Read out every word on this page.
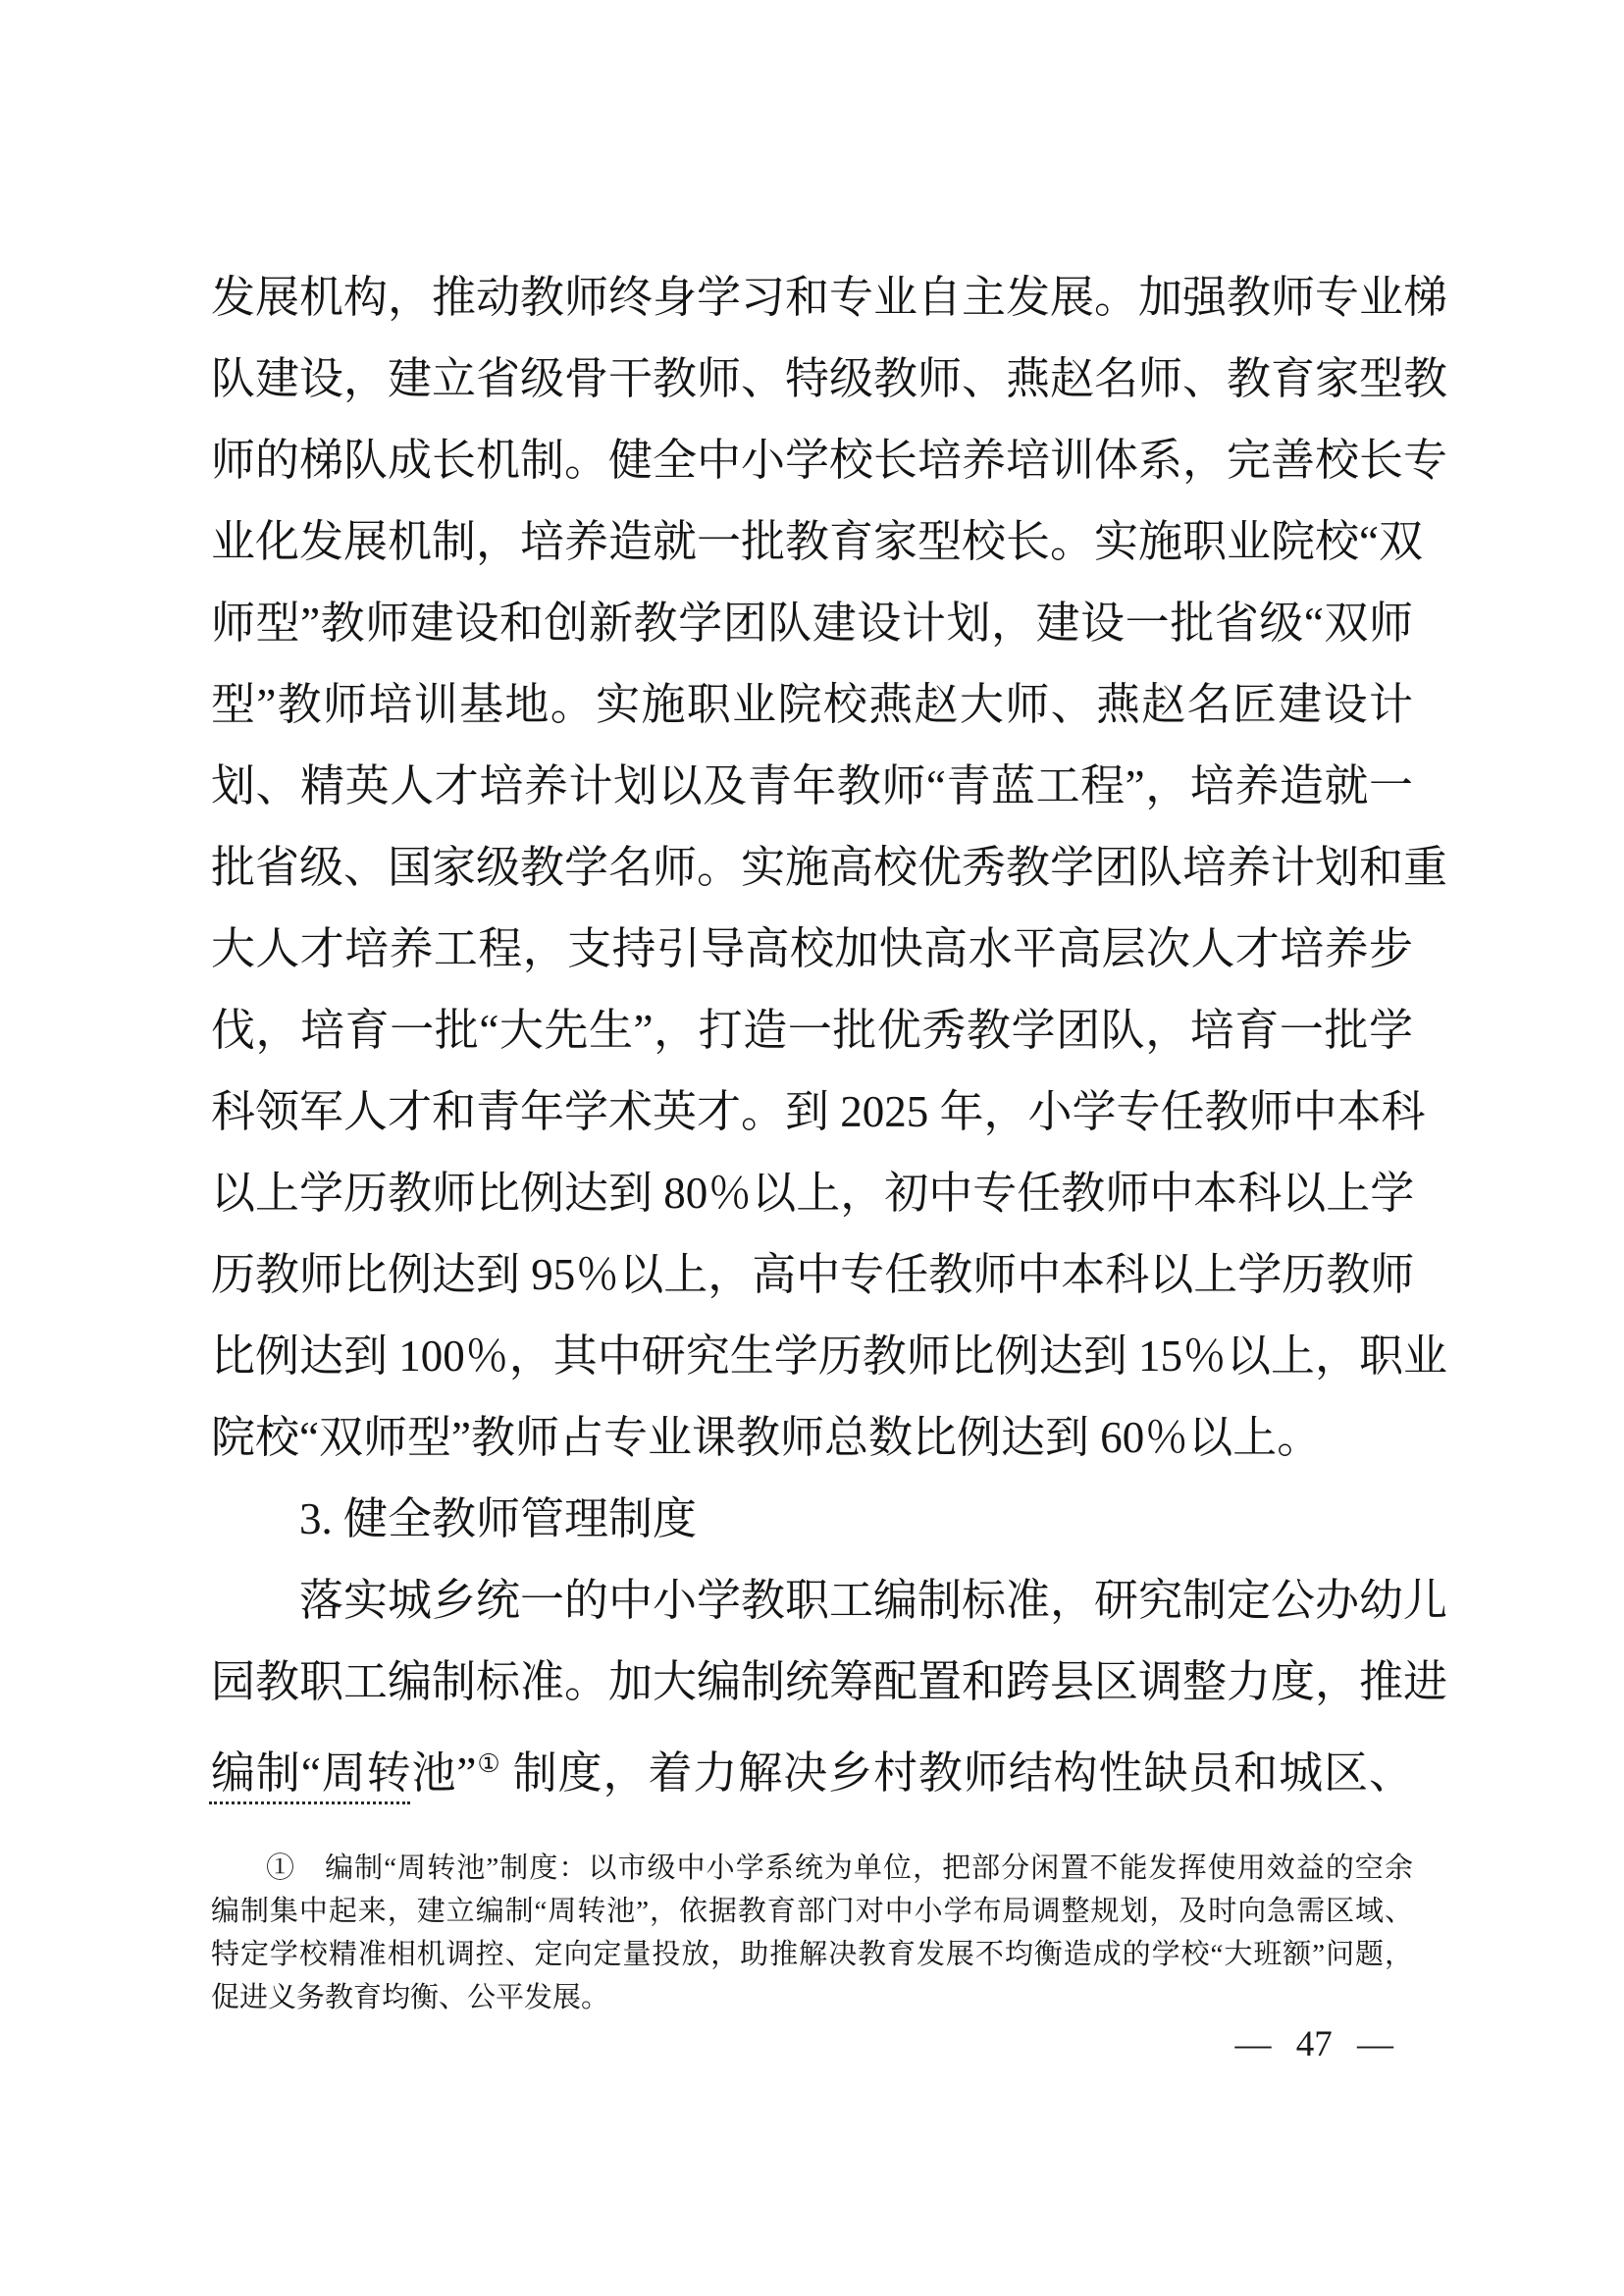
发展机构，推动教师终身学习和专业自主发展。加强教师专业梯
队建设，建立省级骨干教师、特级教师、燕赵名师、教育家型教
师的梯队成长机制。健全中小学校长培养培训体系，完善校长专
业化发展机制，培养造就一批教育家型校长。实施职业院校“双
师型”教师建设和创新教学团队建设计划，建设一批省级“双师
型”教师培训基地。实施职业院校燕赵大师、燕赵名匠建设计
划、精英人才培养计划以及青年教师“青蓝工程”，培养造就一
批省级、国家级教学名师。实施高校优秀教学团队培养计划和重
大人才培养工程，支持引导高校加快高水平高层次人才培养步
伐，培育一批“大先生”，打造一批优秀教学团队，培育一批学
科领军人才和青年学术英才。到 2025 年，小学专任教师中本科
以上学历教师比例达到 80％以上，初中专任教师中本科以上学
历教师比例达到 95％以上，高中专任教师中本科以上学历教师
比例达到 100％，其中研究生学历教师比例达到 15％以上，职业
院校“双师型”教师占专业课教师总数比例达到 60％以上。
3. 健全教师管理制度
落实城乡统一的中小学教职工编制标准，研究制定公办幼儿
园教职工编制标准。加大编制统筹配置和跨县区调整力度，推进
编制“周转池”① 制度，着力解决乡村教师结构性缺员和城区、
①　编制“周转池”制度：以市级中小学系统为单位，把部分闲置不能发挥使用效益的空余
编制集中起来，建立编制“周转池”，依据教育部门对中小学布局调整规划，及时向急需区域、
特定学校精准相机调控、定向定量投放，助推解决教育发展不均衡造成的学校“大班额”问题，
促进义务教育均衡、公平发展。
— 47 —
